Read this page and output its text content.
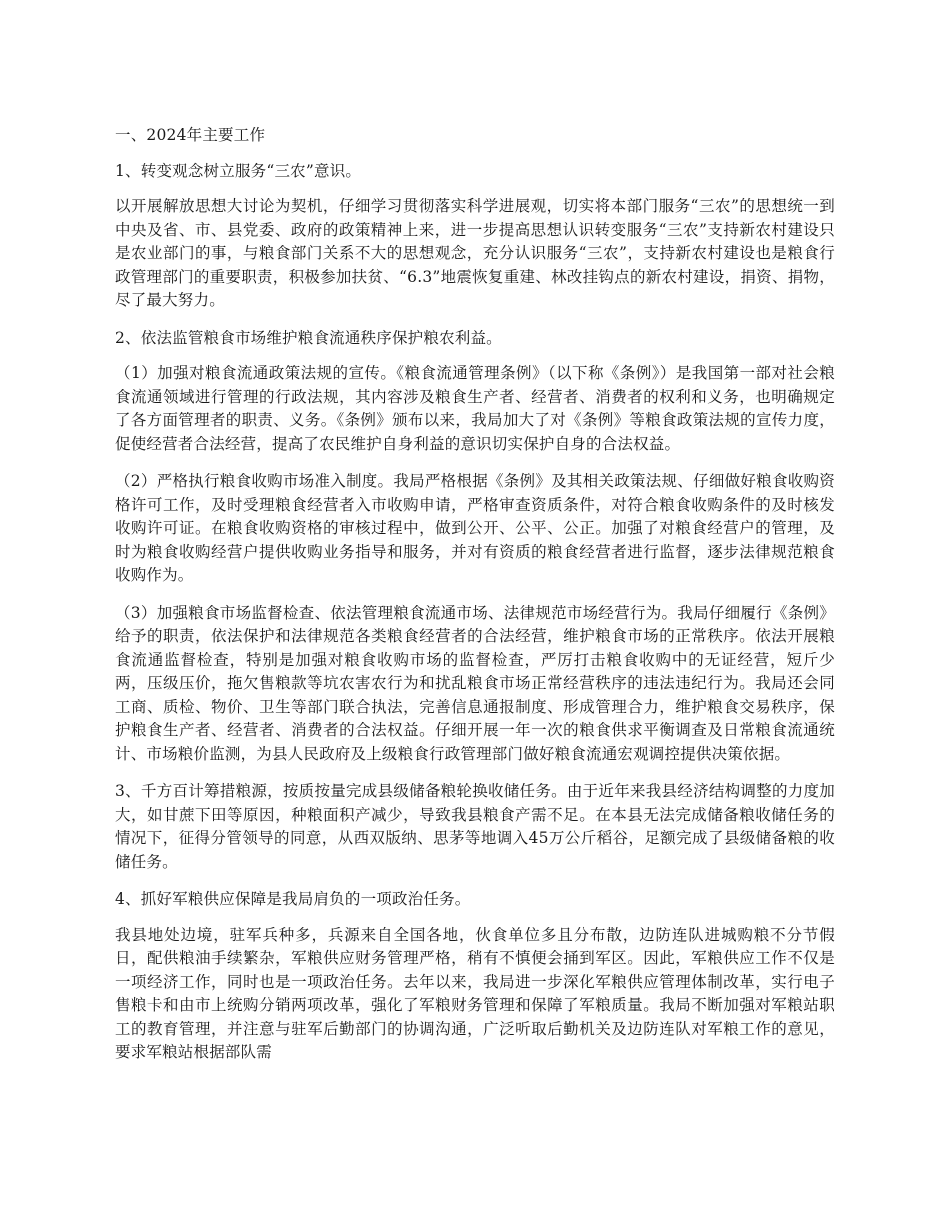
一、2024年主要工作

1、转变观念树立服务“三农”意识。

以开展解放思想大讨论为契机，仔细学习贯彻落实科学进展观，切实将本部门服务“三农”的思想统一到中央及省、市、县党委、政府的政策精神上来，进一步提高思想认识转变服务“三农”支持新农村建设只是农业部门的事，与粮食部门关系不大的思想观念，充分认识服务“三农”，支持新农村建设也是粮食行政管理部门的重要职责，积极参加扶贫、“6.3”地震恢复重建、林改挂钩点的新农村建设，捐资、捐物，尽了最大努力。

2、依法监管粮食市场维护粮食流通秩序保护粮农利益。

（1）加强对粮食流通政策法规的宣传。《粮食流通管理条例》（以下称《条例》）是我国第一部对社会粮食流通领域进行管理的行政法规，其内容涉及粮食生产者、经营者、消费者的权利和义务，也明确规定了各方面管理者的职责、义务。《条例》颁布以来，我局加大了对《条例》等粮食政策法规的宣传力度，促使经营者合法经营，提高了农民维护自身利益的意识切实保护自身的合法权益。

（2）严格执行粮食收购市场准入制度。我局严格根据《条例》及其相关政策法规、仔细做好粮食收购资格许可工作，及时受理粮食经营者入市收购申请，严格审查资质条件，对符合粮食收购条件的及时核发收购许可证。在粮食收购资格的审核过程中，做到公开、公平、公正。加强了对粮食经营户的管理，及时为粮食收购经营户提供收购业务指导和服务，并对有资质的粮食经营者进行监督，逐步法律规范粮食收购作为。

（3）加强粮食市场监督检查、依法管理粮食流通市场、法律规范市场经营行为。我局仔细履行《条例》给予的职责，依法保护和法律规范各类粮食经营者的合法经营，维护粮食市场的正常秩序。依法开展粮食流通监督检查，特别是加强对粮食收购市场的监督检查，严厉打击粮食收购中的无证经营，短斤少两，压级压价，拖欠售粮款等坑农害农行为和扰乱粮食市场正常经营秩序的违法违纪行为。我局还会同工商、质检、物价、卫生等部门联合执法，完善信息通报制度、形成管理合力，维护粮食交易秩序，保护粮食生产者、经营者、消费者的合法权益。仔细开展一年一次的粮食供求平衡调查及日常粮食流通统计、市场粮价监测，为县人民政府及上级粮食行政管理部门做好粮食流通宏观调控提供决策依据。

3、千方百计筹措粮源，按质按量完成县级储备粮轮换收储任务。由于近年来我县经济结构调整的力度加大，如甘蔗下田等原因，种粮面积产减少，导致我县粮食产需不足。在本县无法完成储备粮收储任务的情况下，征得分管领导的同意，从西双版纳、思茅等地调入45万公斤稻谷，足额完成了县级储备粮的收储任务。

4、抓好军粮供应保障是我局肩负的一项政治任务。

我县地处边境，驻军兵种多，兵源来自全国各地，伙食单位多且分布散，边防连队进城购粮不分节假日，配供粮油手续繁杂，军粮供应财务管理严格，稍有不慎便会捅到军区。因此，军粮供应工作不仅是一项经济工作，同时也是一项政治任务。去年以来，我局进一步深化军粮供应管理体制改革，实行电子售粮卡和由市上统购分销两项改革，强化了军粮财务管理和保障了军粮质量。我局不断加强对军粮站职工的教育管理，并注意与驻军后勤部门的协调沟通，广泛听取后勤机关及边防连队对军粮工作的意见，要求军粮站根据部队需
